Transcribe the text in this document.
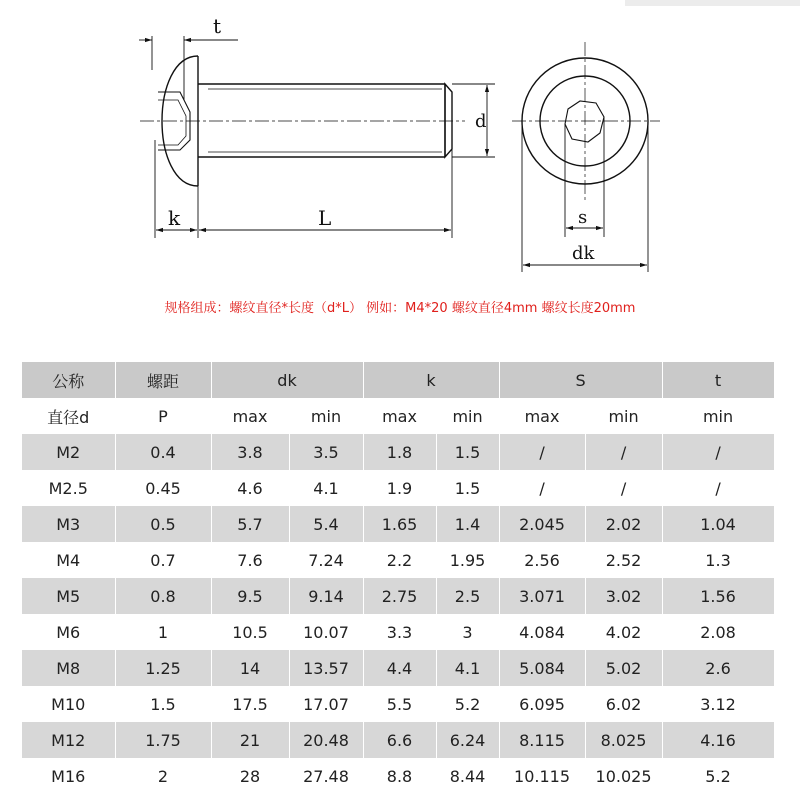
t
d
k	L	s
dk
规格组成：螺纹直径*长度（d*L） 例如：M4*20 螺纹直径4mm 螺纹长度20mm
公称	螺距	dk		k		S		t
直径d	P	max	min	max	min	max	min	min
M2	0.4	3.8	3.5	1.8	1.5	/	/	/
M2.5	0.45	4.6	4.1	1.9	1.5	/	/	/
M3	0.5	5.7	5.4	1.65	1.4	2.045	2.02	1.04
M4	0.7	7.6	7.24	2.2	1.95	2.56	2.52	1.3
M5	0.8	9.5	9.14	2.75	2.5	3.071	3.02	1.56
M6	1	10.5	10.07	3.3	3	4.084	4.02	2.08
M8	1.25	14	13.57	4.4	4.1	5.084	5.02	2.6
M10	1.5	17.5	17.07	5.5	5.2	6.095	6.02	3.12
M12	1.75	21	20.48	6.6	6.24	8.115	8.025	4.16
M16	2	28	27.48	8.8	8.44	10.115	10.025	5.2
